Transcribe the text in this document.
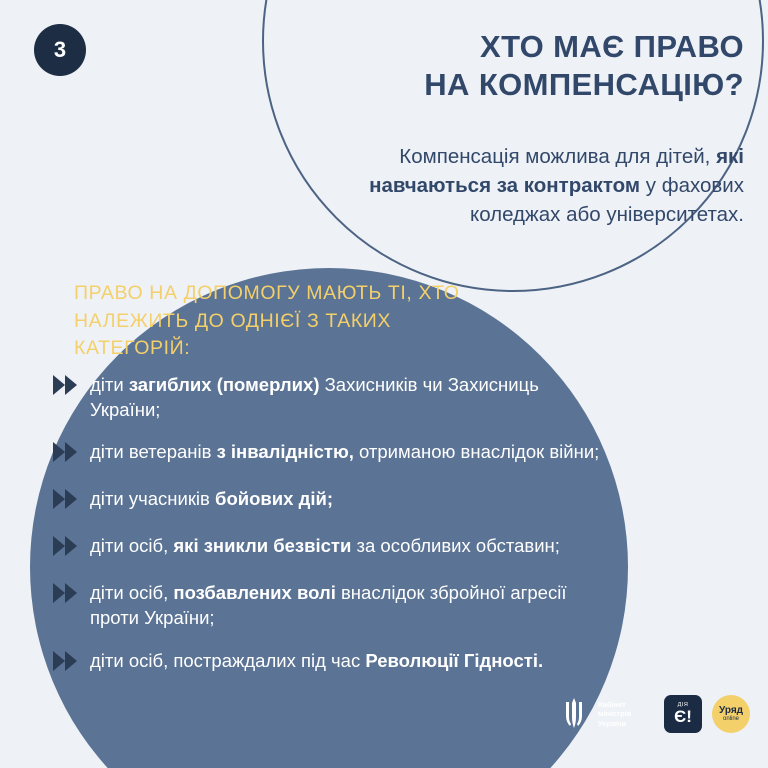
3	ХТО МАЄ ПРАВО
НА КОМПЕНСАЦІЮ?
Компенсація можлива для дітей, які навчаються за контрактом у фахових коледжах або університетах.
ПРАВО НА ДОПОМОГУ МАЮТЬ ТІ, ХТО НАЛЕЖИТЬ ДО ОДНІЄЇ З ТАКИХ КАТЕГОРІЙ:
діти загиблих (померлих) Захисників чи Захисниць України;
діти ветеранів з інвалідністю, отриманою внаслідок війни;
діти учасників бойових дій;
діти осіб, які зникли безвісти за особливих обставин;
діти осіб, позбавлених волі внаслідок збройної агресії проти України;
діти осіб, постраждалих під час Революції Гідності.
Кабінет
міністрів
України
ДІЯ
Є!	Уряд
online
